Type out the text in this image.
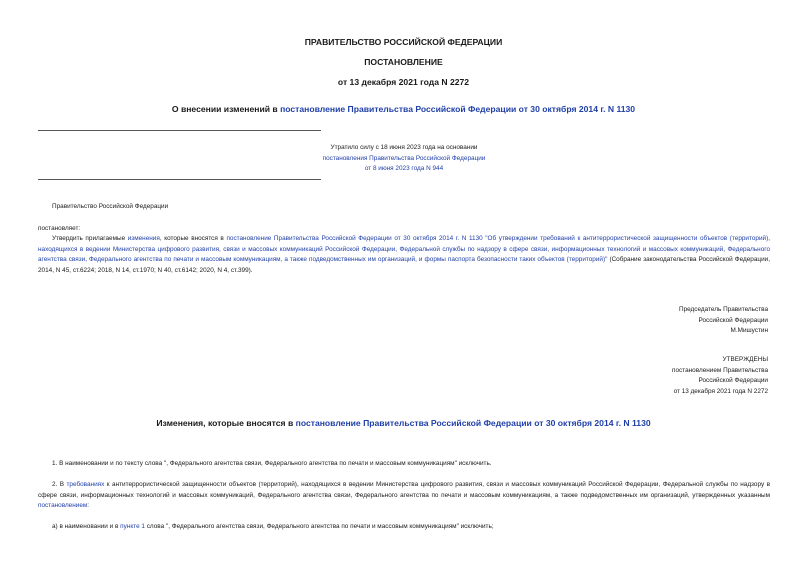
ПРАВИТЕЛЬСТВО РОССИЙСКОЙ ФЕДЕРАЦИИ
ПОСТАНОВЛЕНИЕ
от 13 декабря 2021 года N 2272
О внесении изменений в постановление Правительства Российской Федерации от 30 октября 2014 г. N 1130
Утратило силу с 18 июня 2023 года на основании
постановления Правительства Российской Федерации
от 8 июня 2023 года N 944
Правительство Российской Федерации
постановляет:
Утвердить прилагаемые изменения, которые вносятся в постановление Правительства Российской Федерации от 30 октября 2014 г. N 1130 "Об утверждении требований к антитеррористической защищенности объектов (территорий), находящихся в ведении Министерства цифрового развития, связи и массовых коммуникаций Российской Федерации, Федеральной службы по надзору в сфере связи, информационных технологий и массовых коммуникаций, Федерального агентства связи, Федерального агентства по печати и массовым коммуникациям, а также подведомственных им организаций, и формы паспорта безопасности таких объектов (территорий)" (Собрание законодательства Российской Федерации, 2014, N 45, ст.6224; 2018, N 14, ст.1970; N 40, ст.6142; 2020, N 4, ст.399).
Председатель Правительства
Российской Федерации
М.Мишустин
УТВЕРЖДЕНЫ
постановлением Правительства
Российской Федерации
от 13 декабря 2021 года N 2272
Изменения, которые вносятся в постановление Правительства Российской Федерации от 30 октября 2014 г. N 1130
1. В наименовании и по тексту слова ", Федерального агентства связи, Федерального агентства по печати и массовым коммуникациям" исключить.
2. В требованиях к антитеррористической защищенности объектов (территорий), находящихся в ведении Министерства цифрового развития, связи и массовых коммуникаций Российской Федерации, Федеральной службы по надзору в сфере связи, информационных технологий и массовых коммуникаций, Федерального агентства связи, Федерального агентства по печати и массовым коммуникациям, а также подведомственных им организаций, утвержденных указанным постановлением:
а) в наименовании и в пункте 1 слова ", Федерального агентства связи, Федерального агентства по печати и массовым коммуникациям" исключить;
